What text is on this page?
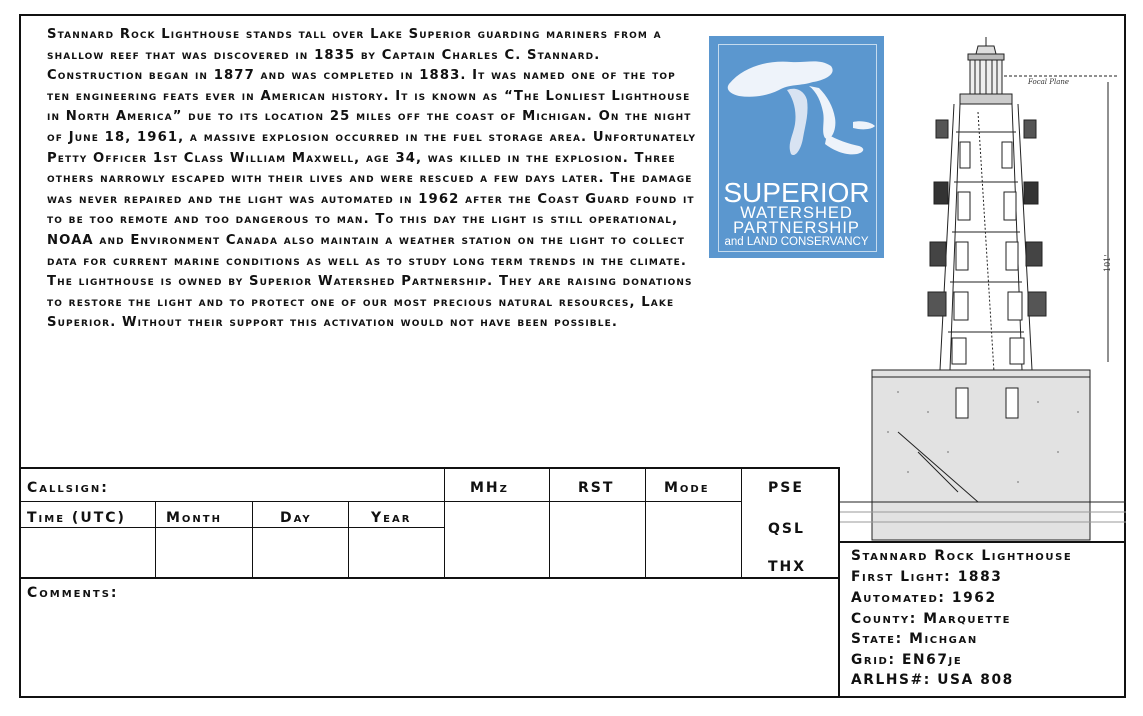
Stannard Rock Lighthouse stands tall over Lake Superior guarding mariners from a shallow reef that was discovered in 1835 by Captain Charles C. Stannard. Construction began in 1877 and was completed in 1883. It was named one of the top ten engineering feats ever in American history. It is known as “The Lonliest Lighthouse in North America” due to its location 25 miles off the coast of Michigan. On the night of June 18, 1961, a massive explosion occurred in the fuel storage area. Unfortunately Petty Officer 1st Class William Maxwell, age 34, was killed in the explosion. Three others narrowly escaped with their lives and were rescued a few days later. The damage was never repaired and the light was automated in 1962 after the Coast Guard found it to be too remote and too dangerous to man. To this day the light is still operational, NOAA and Environment Canada also maintain a weather station on the light to collect data for current marine conditions as well as to study long term trends in the climate. The lighthouse is owned by Superior Watershed Partnership. They are raising donations to restore the light and to protect one of our most precious natural resources, Lake Superior. Without their support this activation would not have been possible.
SUPERIOR
WATERSHED
PARTNERSHIP
and LAND CONSERVANCY
Focal Plane
101'
Callsign:	MHz	RST	Mode	PSE
QSL
THX
Time (UTC)	Month	Day	Year
Comments:
Stannard Rock Lighthouse
First Light: 1883
Automated: 1962
County: Marquette
State: Michgan
Grid: EN67je
ARLHS#: USA 808
